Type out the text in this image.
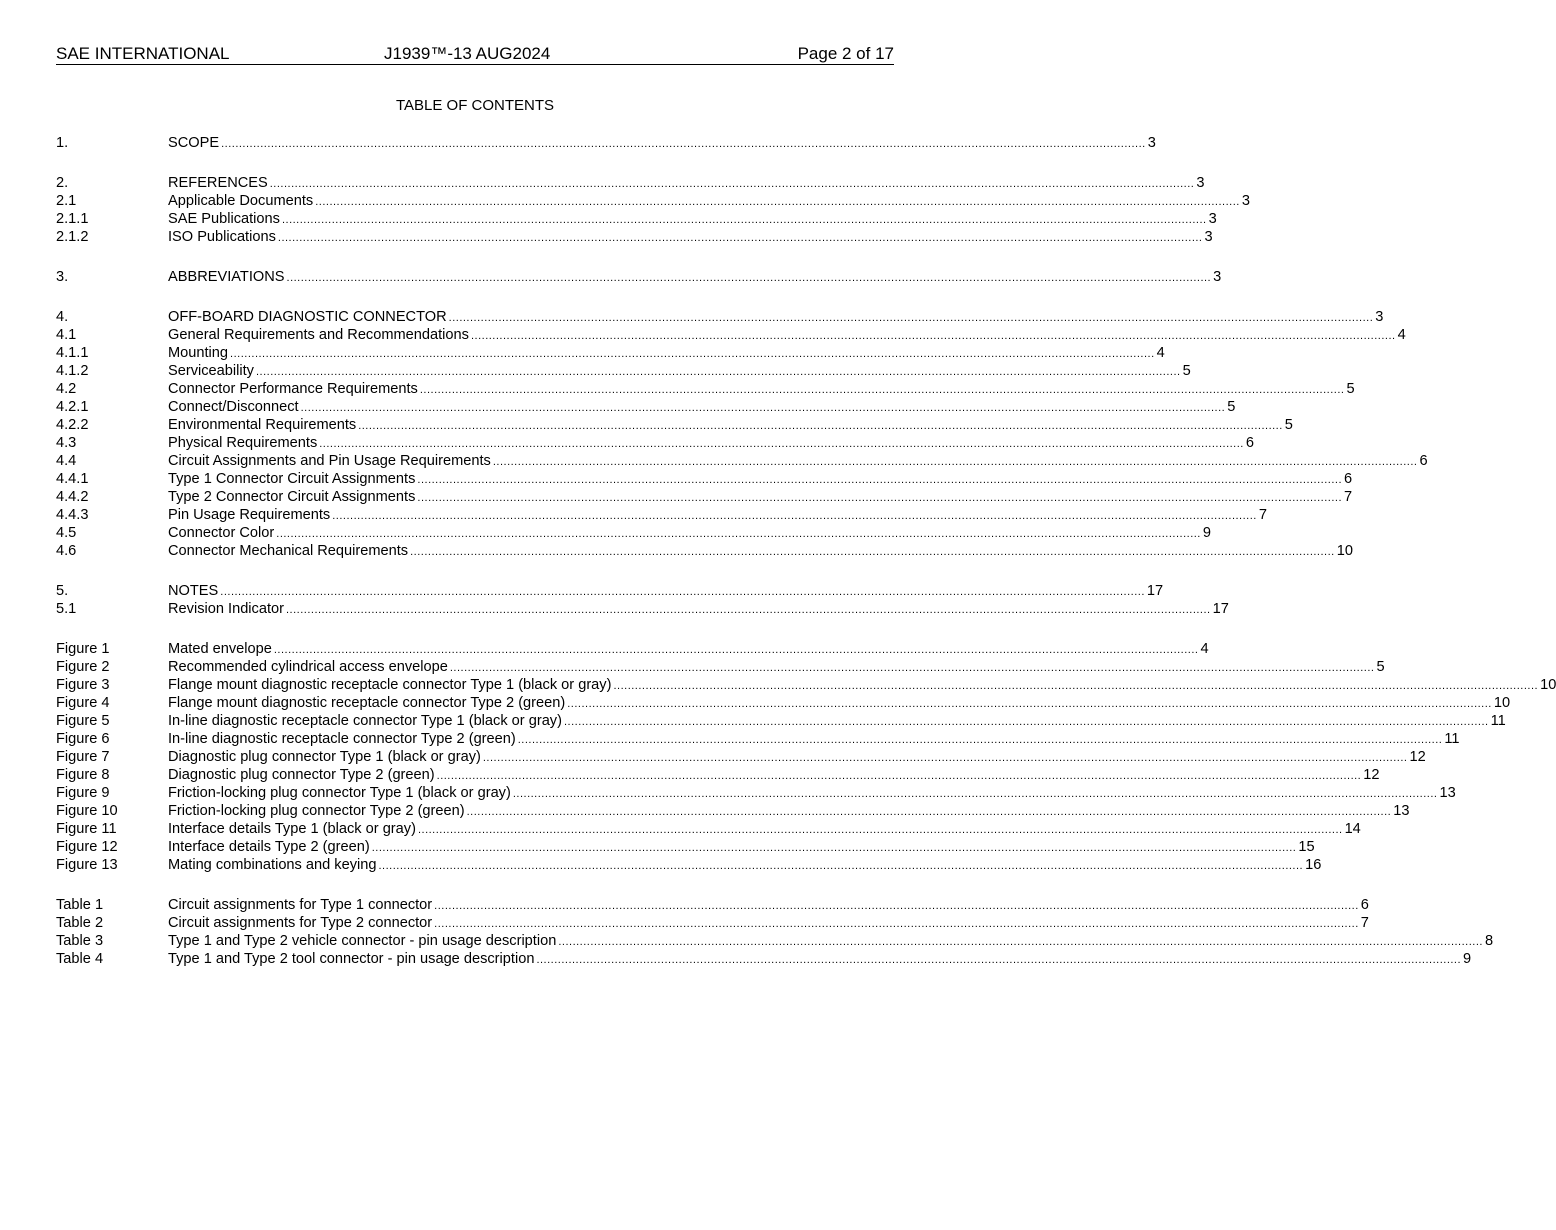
SAE INTERNATIONAL	J1939™-13 AUG2024	Page 2 of 17
TABLE OF CONTENTS
1.	SCOPE .....	3
2.	REFERENCES .....	3
2.1	Applicable Documents .....	3
2.1.1	SAE Publications .....	3
2.1.2	ISO Publications .....	3
3.	ABBREVIATIONS .....	3
4.	OFF-BOARD DIAGNOSTIC CONNECTOR .....	3
4.1	General Requirements and Recommendations .....	4
4.1.1	Mounting .....	4
4.1.2	Serviceability .....	5
4.2	Connector Performance Requirements .....	5
4.2.1	Connect/Disconnect .....	5
4.2.2	Environmental Requirements .....	5
4.3	Physical Requirements .....	6
4.4	Circuit Assignments and Pin Usage Requirements .....	6
4.4.1	Type 1 Connector Circuit Assignments .....	6
4.4.2	Type 2 Connector Circuit Assignments .....	7
4.4.3	Pin Usage Requirements .....	7
4.5	Connector Color .....	9
4.6	Connector Mechanical Requirements .....	10
5.	NOTES .....	17
5.1	Revision Indicator .....	17
Figure 1	Mated envelope .....	4
Figure 2	Recommended cylindrical access envelope .....	5
Figure 3	Flange mount diagnostic receptacle connector Type 1 (black or gray) .....	10
Figure 4	Flange mount diagnostic receptacle connector Type 2 (green) .....	10
Figure 5	In-line diagnostic receptacle connector Type 1 (black or gray) .....	11
Figure 6	In-line diagnostic receptacle connector Type 2 (green) .....	11
Figure 7	Diagnostic plug connector Type 1 (black or gray) .....	12
Figure 8	Diagnostic plug connector Type 2 (green) .....	12
Figure 9	Friction-locking plug connector Type 1 (black or gray) .....	13
Figure 10	Friction-locking plug connector Type 2 (green) .....	13
Figure 11	Interface details Type 1 (black or gray) .....	14
Figure 12	Interface details Type 2 (green) .....	15
Figure 13	Mating combinations and keying .....	16
Table 1	Circuit assignments for Type 1 connector .....	6
Table 2	Circuit assignments for Type 2 connector .....	7
Table 3	Type 1 and Type 2 vehicle connector - pin usage description .....	8
Table 4	Type 1 and Type 2 tool connector - pin usage description .....	9
